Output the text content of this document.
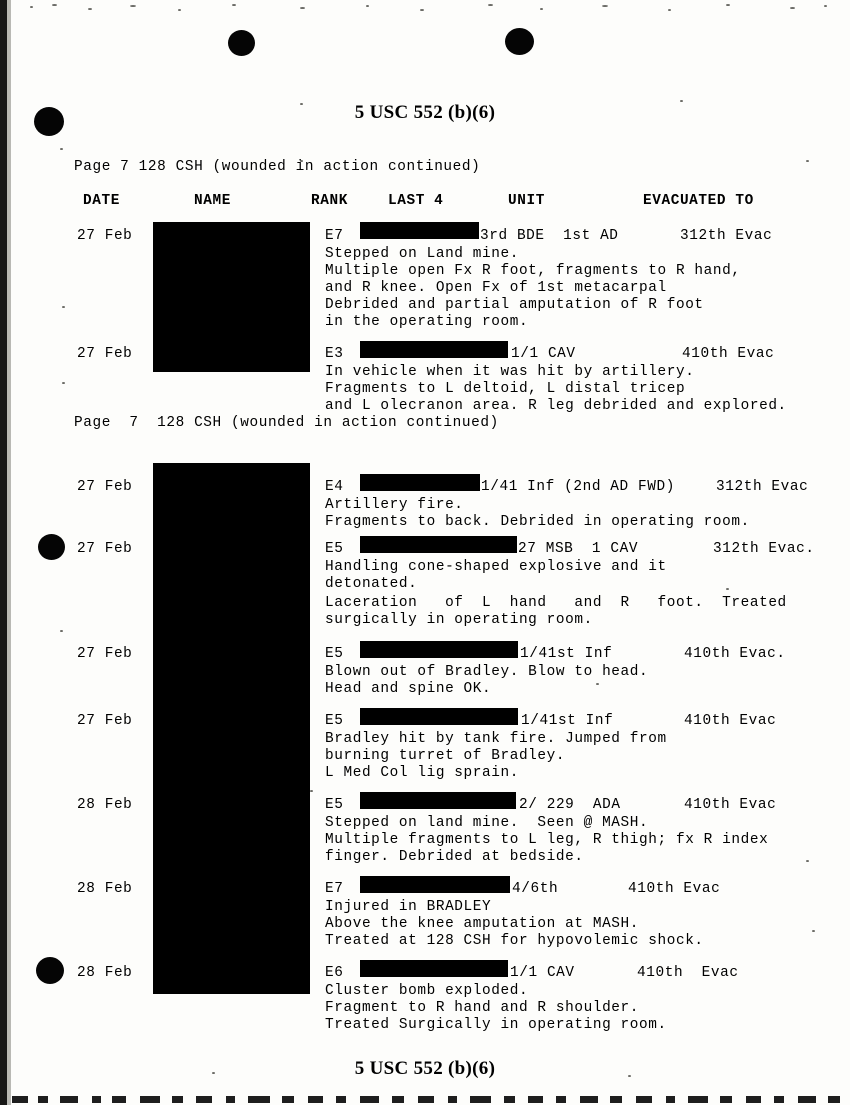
5 USC 552 (b)(6)
Page 7 128 CSH (wounded in action continued)
DATE	NAME	RANK	LAST 4	UNIT	EVACUATED TO
27 Feb	E7	3rd BDE  1st AD	312th Evac
Stepped on Land mine.
Multiple open Fx R foot, fragments to R hand,
and R knee. Open Fx of 1st metacarpal
Debrided and partial amputation of R foot
in the operating room.
27 Feb	E3	1/1 CAV	410th Evac
In vehicle when it was hit by artillery.
Fragments to L deltoid, L distal tricep
and L olecranon area. R leg debrided and explored.
Page  7  128 CSH (wounded in action continued)
27 Feb	E4	1/41 Inf (2nd AD FWD)	312th Evac
Artillery fire.
Fragments to back. Debrided in operating room.
27 Feb	E5	27 MSB  1 CAV	312th Evac.
Handling cone-shaped explosive and it
detonated.
Laceration   of  L  hand   and  R   foot.  Treated
surgically in operating room.
27 Feb	E5	1/41st Inf	410th Evac.
Blown out of Bradley. Blow to head.
Head and spine OK.
27 Feb	E5	1/41st Inf	410th Evac
Bradley hit by tank fire. Jumped from
burning turret of Bradley.
L Med Col lig sprain.
28 Feb	E5	2/ 229  ADA	410th Evac
Stepped on land mine.  Seen @ MASH.
Multiple fragments to L leg, R thigh; fx R index
finger. Debrided at bedside.
28 Feb	E7	4/6th	410th Evac
Injured in BRADLEY
Above the knee amputation at MASH.
Treated at 128 CSH for hypovolemic shock.
28 Feb	E6	1/1 CAV	410th  Evac
Cluster bomb exploded.
Fragment to R hand and R shoulder.
Treated Surgically in operating room.
5 USC 552 (b)(6)
